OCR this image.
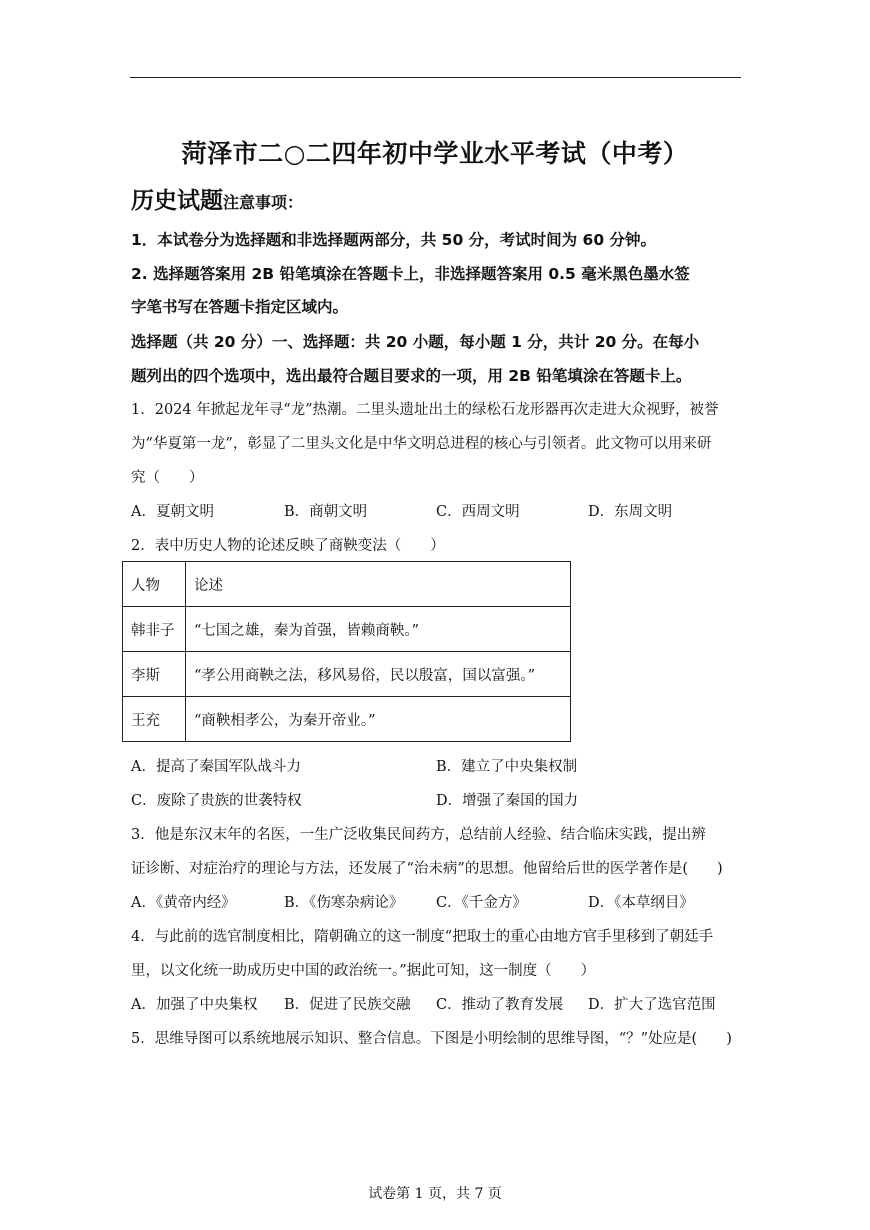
菏泽市二○二四年初中学业水平考试（中考）
历史试题注意事项：
1．本试卷分为选择题和非选择题两部分，共 50 分，考试时间为 60 分钟。
2. 选择题答案用 2B 铅笔填涂在答题卡上，非选择题答案用 0.5 毫米黑色墨水签
字笔书写在答题卡指定区域内。
选择题（共 20 分）一、选择题：共 20 小题，每小题 1 分，共计 20 分。在每小
题列出的四个选项中，选出最符合题目要求的一项，用 2B 铅笔填涂在答题卡上。
1．2024 年掀起龙年寻“龙”热潮。二里头遗址出土的绿松石龙形器再次走进大众视野，被誉
为“华夏第一龙”，彰显了二里头文化是中华文明总进程的核心与引领者。此文物可以用来研
究（　　）
A．夏朝文明	B．商朝文明	C．西周文明	D．东周文明
2．表中历史人物的论述反映了商鞅变法（　　）
人物	论述
韩非子	“七国之雄，秦为首强，皆赖商鞅。”
李斯	“孝公用商鞅之法，移风易俗，民以殷富，国以富强。”
王充	“商鞅相孝公，为秦开帝业。”
A．提高了秦国军队战斗力	B．建立了中央集权制
C．废除了贵族的世袭特权	D．增强了秦国的国力
3．他是东汉末年的名医，一生广泛收集民间药方，总结前人经验、结合临床实践，提出辨
证诊断、对症治疗的理论与方法，还发展了“治未病”的思想。他留给后世的医学著作是(　　)
A．《黄帝内经》	B．《伤寒杂病论》 C．《千金方》	D．《本草纲目》
4．与此前的选官制度相比，隋朝确立的这一制度“把取士的重心由地方官手里移到了朝廷手
里，以文化统一助成历史中国的政治统一。”据此可知，这一制度（　　）
A．加强了中央集权 B．促进了民族交融 C．推动了教育发展 D．扩大了选官范围
5．思维导图可以系统地展示知识、整合信息。下图是小明绘制的思维导图，“？”处应是(　　)
试卷第 1 页，共 7 页
